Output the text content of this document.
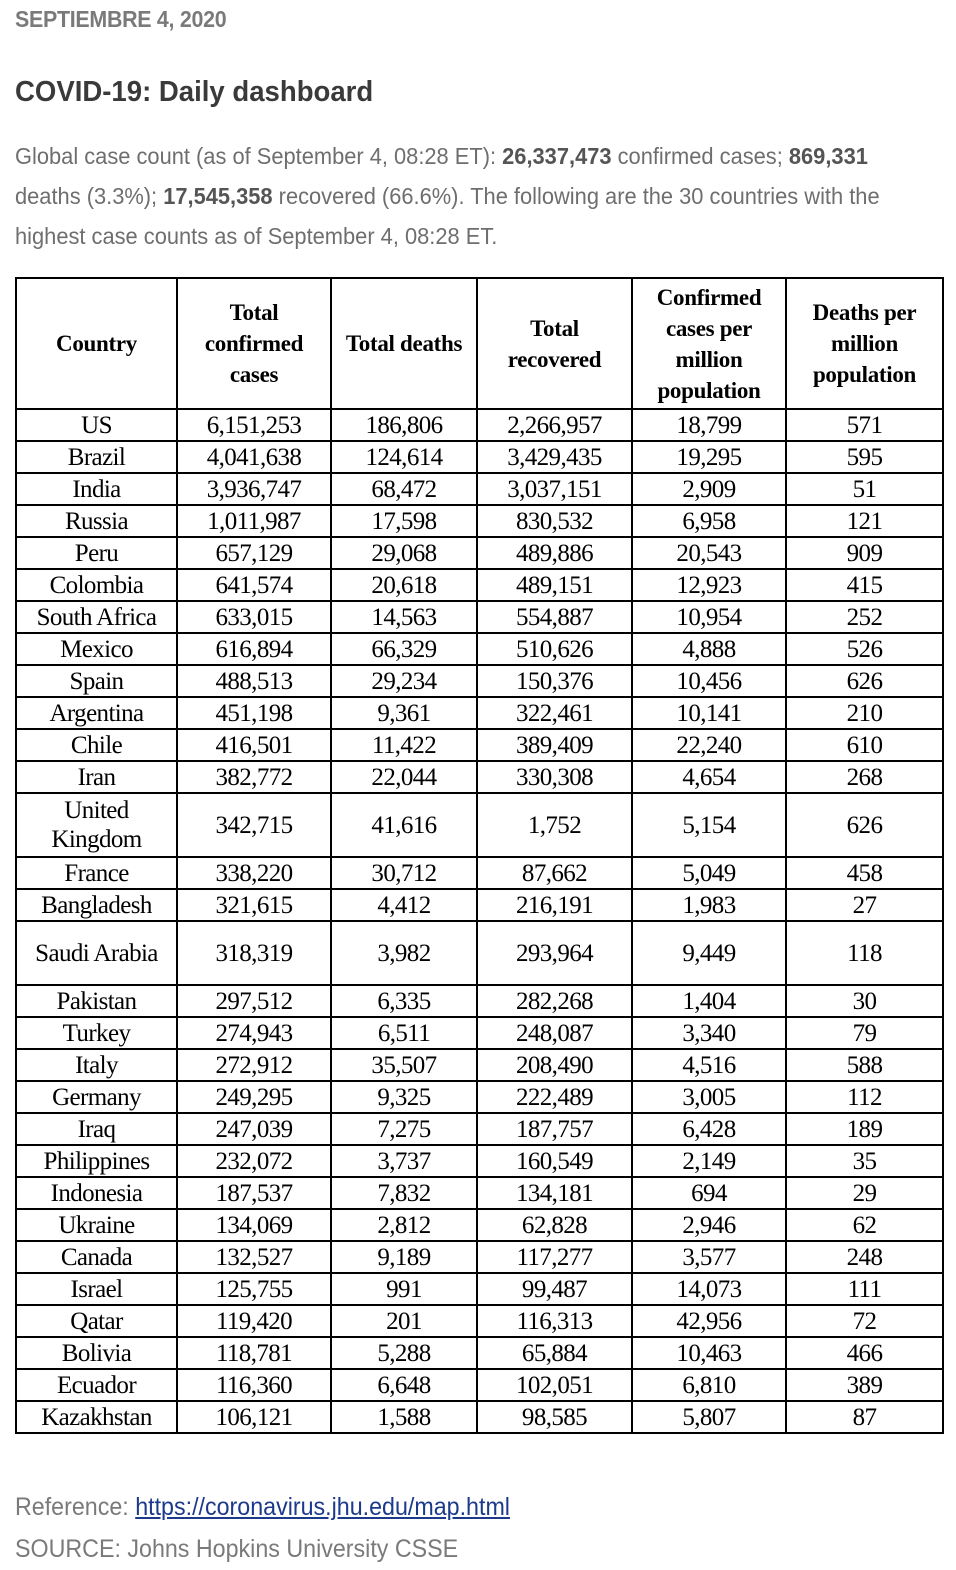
SEPTIEMBRE 4, 2020
COVID-19: Daily dashboard

Global case count (as of September 4, 08:28 ET): 26,337,473 confirmed cases; 869,331 deaths (3.3%); 17,545,358 recovered (66.6%). The following are the 30 countries with the highest case counts as of September 4, 08:28 ET.

Country	Total confirmed cases	Total deaths	Total recovered	Confirmed cases per million population	Deaths per million population
US	6,151,253	186,806	2,266,957	18,799	571
Brazil	4,041,638	124,614	3,429,435	19,295	595
India	3,936,747	68,472	3,037,151	2,909	51
Russia	1,011,987	17,598	830,532	6,958	121
Peru	657,129	29,068	489,886	20,543	909
Colombia	641,574	20,618	489,151	12,923	415
South Africa	633,015	14,563	554,887	10,954	252
Mexico	616,894	66,329	510,626	4,888	526
Spain	488,513	29,234	150,376	10,456	626
Argentina	451,198	9,361	322,461	10,141	210
Chile	416,501	11,422	389,409	22,240	610
Iran	382,772	22,044	330,308	4,654	268
United Kingdom	342,715	41,616	1,752	5,154	626
France	338,220	30,712	87,662	5,049	458
Bangladesh	321,615	4,412	216,191	1,983	27
Saudi Arabia	318,319	3,982	293,964	9,449	118
Pakistan	297,512	6,335	282,268	1,404	30
Turkey	274,943	6,511	248,087	3,340	79
Italy	272,912	35,507	208,490	4,516	588
Germany	249,295	9,325	222,489	3,005	112
Iraq	247,039	7,275	187,757	6,428	189
Philippines	232,072	3,737	160,549	2,149	35
Indonesia	187,537	7,832	134,181	694	29
Ukraine	134,069	2,812	62,828	2,946	62
Canada	132,527	9,189	117,277	3,577	248
Israel	125,755	991	99,487	14,073	111
Qatar	119,420	201	116,313	42,956	72
Bolivia	118,781	5,288	65,884	10,463	466
Ecuador	116,360	6,648	102,051	6,810	389
Kazakhstan	106,121	1,588	98,585	5,807	87
Reference: https://coronavirus.jhu.edu/map.html
SOURCE: Johns Hopkins University CSSE
